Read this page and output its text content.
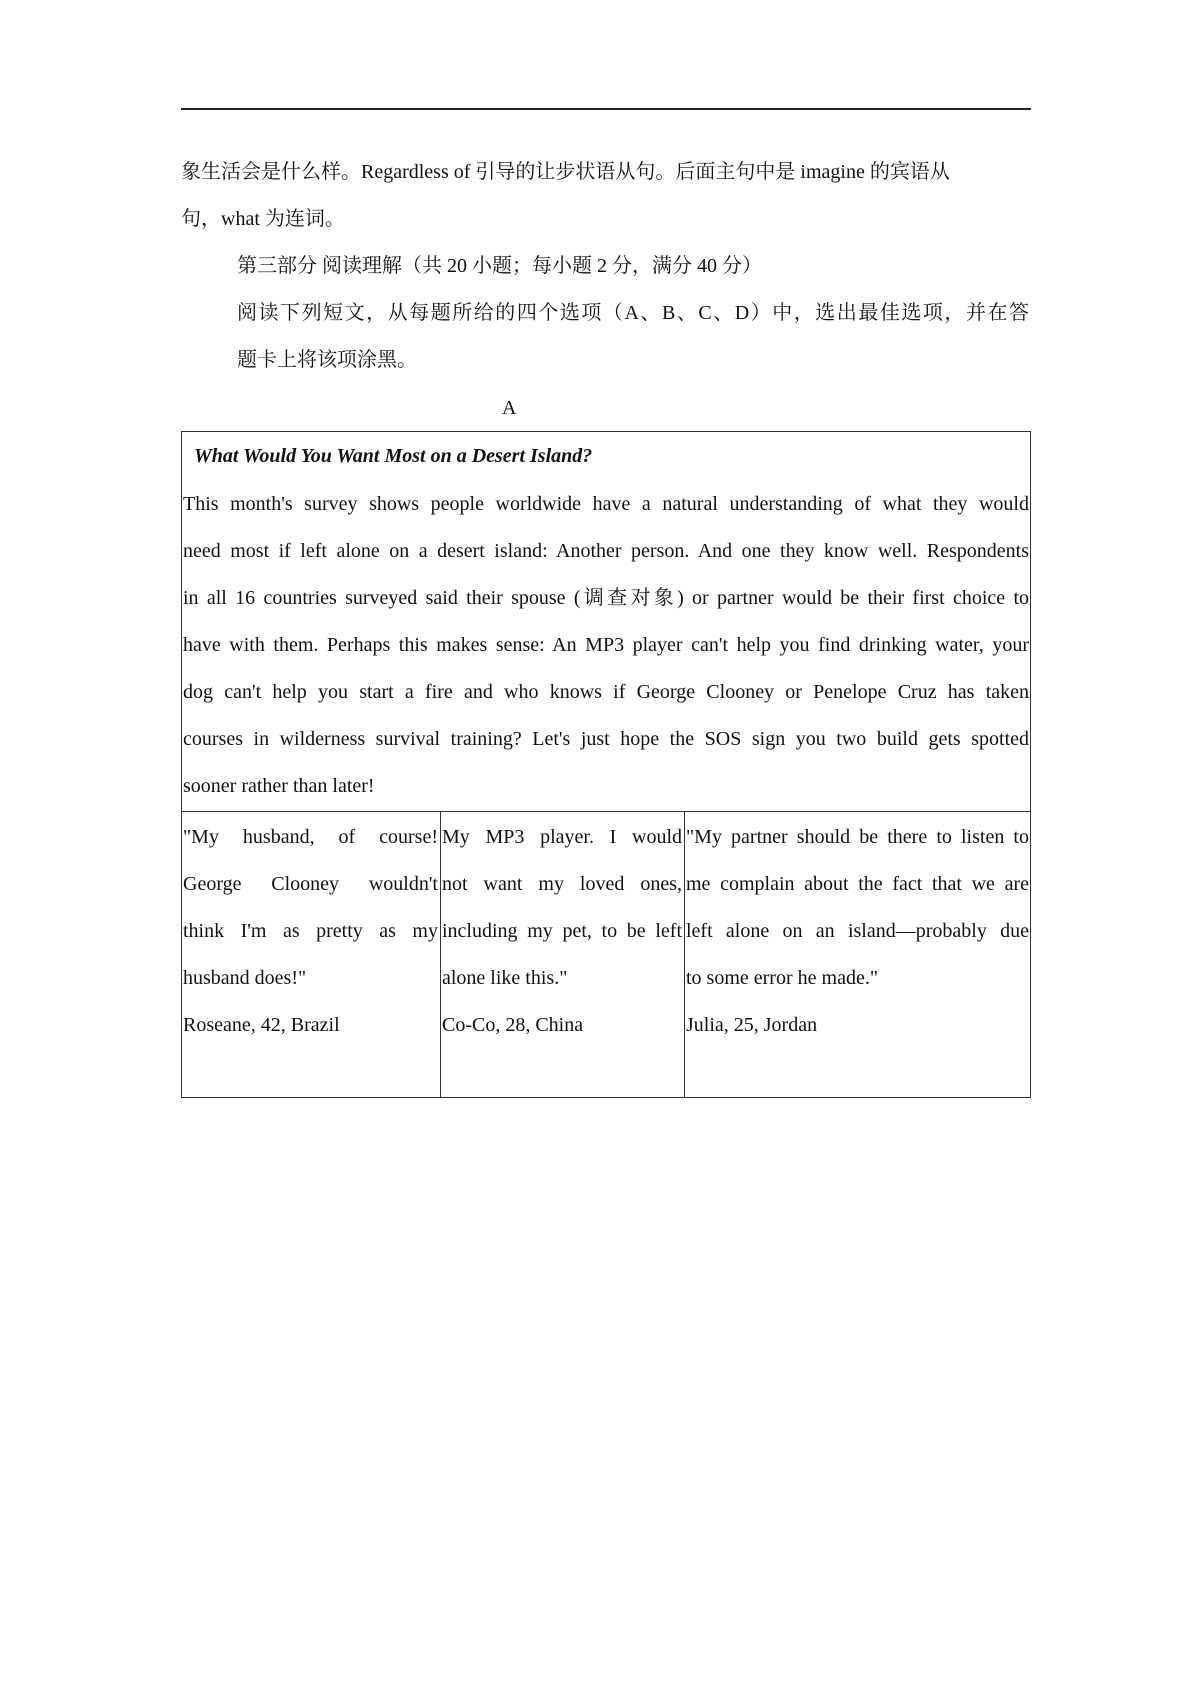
象生活会是什么样。Regardless of 引导的让步状语从句。后面主句中是 imagine 的宾语从
句，what 为连词。
第三部分 阅读理解（共 20 小题；每小题 2 分，满分 40 分）
阅读下列短文，从每题所给的四个选项（A、B、C、D）中，选出最佳选项，并在答
题卡上将该项涂黑。
A
What Would You Want Most on a Desert Island?
This month's survey shows people worldwide have a natural understanding of what they would
need most if left alone on a desert island: Another person. And one they know well. Respondents
in all 16 countries surveyed said their spouse (调查对象) or partner would be their first choice to
have with them. Perhaps this makes sense: An MP3 player can't help you find drinking water, your
dog can't help you start a fire and who knows if George Clooney or Penelope Cruz has taken
courses in wilderness survival training? Let's just hope the SOS sign you two build gets spotted
sooner rather than later!
"My husband, of course!
George Clooney wouldn't
think I'm as pretty as my
husband does!"
Roseane, 42, Brazil
My MP3 player. I would
not want my loved ones,
including my pet, to be left
alone like this."
Co-Co, 28, China
"My partner should be there to listen to
me complain about the fact that we are
left alone on an island—probably due
to some error he made."
Julia, 25, Jordan
